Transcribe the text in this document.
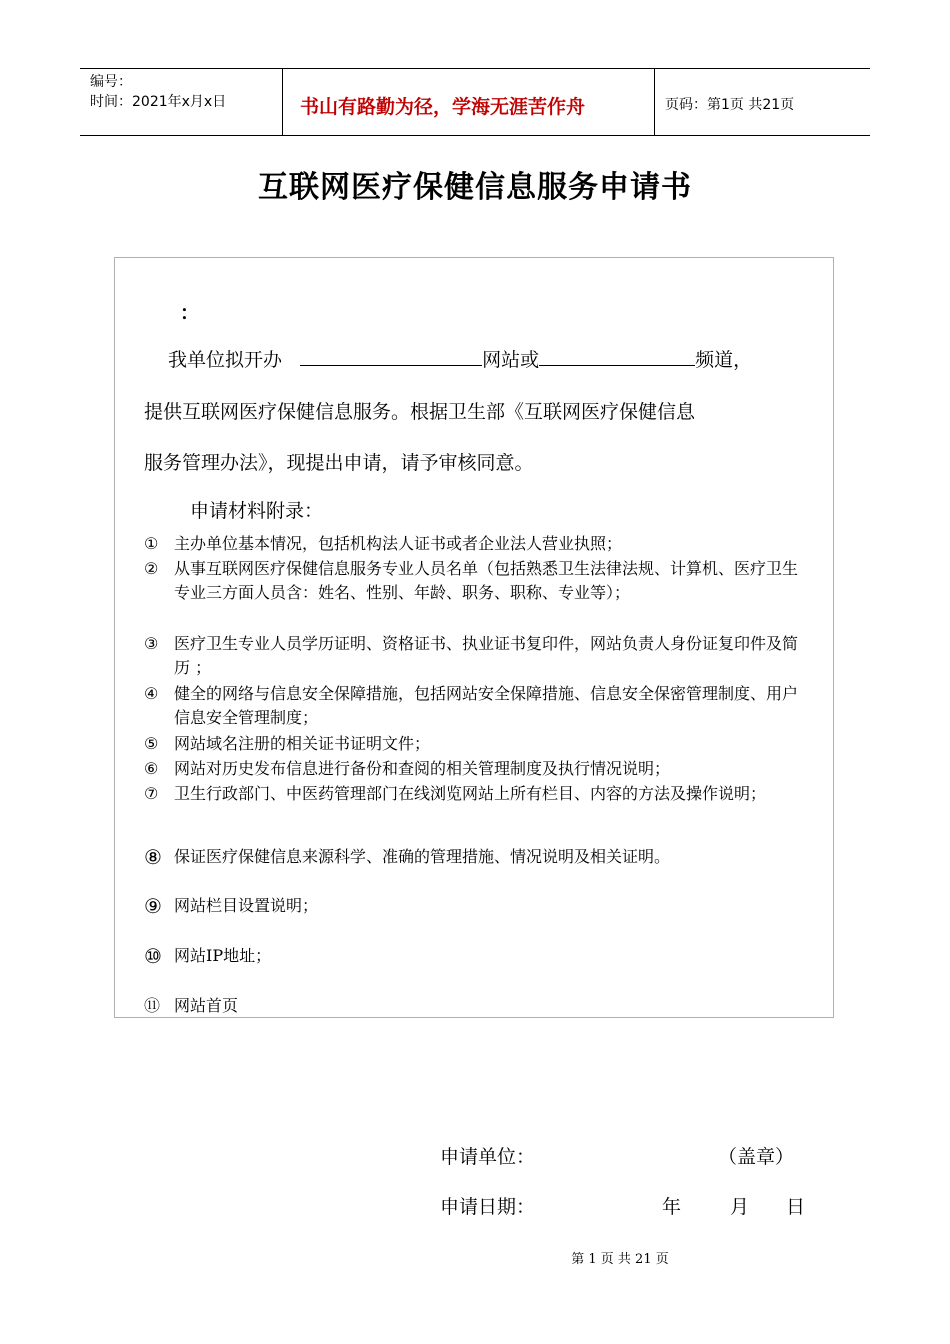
编号：
时间：2021年x月x日	书山有路勤为径，学海无涯苦作舟	页码：第1页 共21页
互联网医疗保健信息服务申请书
：
我单位拟开办	网站或	频道，
提供互联网医疗保健信息服务。根据卫生部《互联网医疗保健信息
服务管理办法》，现提出申请，请予审核同意。
申请材料附录：
① 主办单位基本情况，包括机构法人证书或者企业法人营业执照；
② 从事互联网医疗保健信息服务专业人员名单（包括熟悉卫生法律法规、计算机、医疗卫生专业三方面人员含：姓名、性别、年龄、职务、职称、专业等）；
③ 医疗卫生专业人员学历证明、资格证书、执业证书复印件，网站负责人身份证复印件及简历 ；
④ 健全的网络与信息安全保障措施，包括网站安全保障措施、信息安全保密管理制度、用户信息安全管理制度；
⑤ 网站域名注册的相关证书证明文件；
⑥ 网站对历史发布信息进行备份和查阅的相关管理制度及执行情况说明；
⑦ 卫生行政部门、中医药管理部门在线浏览网站上所有栏目、内容的方法及操作说明；
⑧ 保证医疗保健信息来源科学、准确的管理措施、情况说明及相关证明。
⑨ 网站栏目设置说明；
⑩ 网站IP地址；
⑪ 网站首页
申请单位：	（盖章）
申请日期：	年	月 日
第 1 页 共 21 页
